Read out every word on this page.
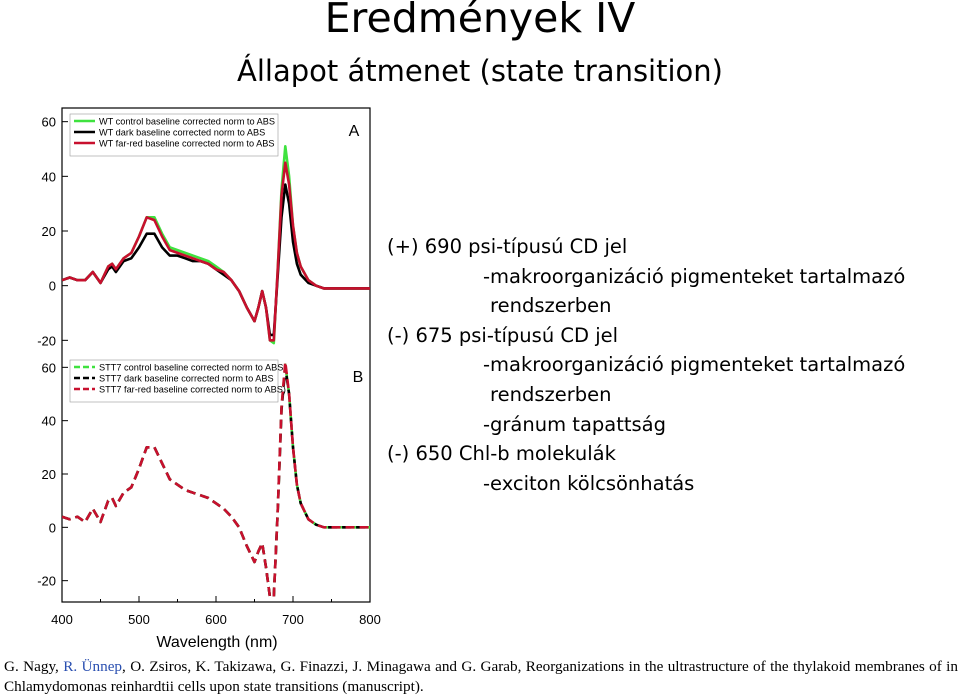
Eredmények IV
Állapot átmenet (state transition)
60
40
20
0
-20
A
WT control baseline corrected norm to ABS
WT dark baseline corrected norm to ABS
WT far-red baseline corrected norm to ABS
60
40
20
0
-20
B
STT7 control baseline corrected norm to ABS
STT7 dark baseline corrected norm to ABS
STT7 far-red baseline corrected norm to ABS)
400	500	600	700	800
Wavelength (nm)
(+) 690 psi-típusú CD jel
-makroorganizáció pigmenteket tartalmazó
rendszerben
(-) 675 psi-típusú CD jel
-makroorganizáció pigmenteket tartalmazó
rendszerben
-gránum tapattság
(-) 650 Chl-b molekulák
-exciton kölcsönhatás
G. Nagy, R. Ünnep, O. Zsiros, K. Takizawa, G. Finazzi, J. Minagawa and G. Garab, Reorganizations in the ultrastructure of the thylakoid membranes of in Chlamydomonas reinhardtii cells upon state transitions (manuscript).
